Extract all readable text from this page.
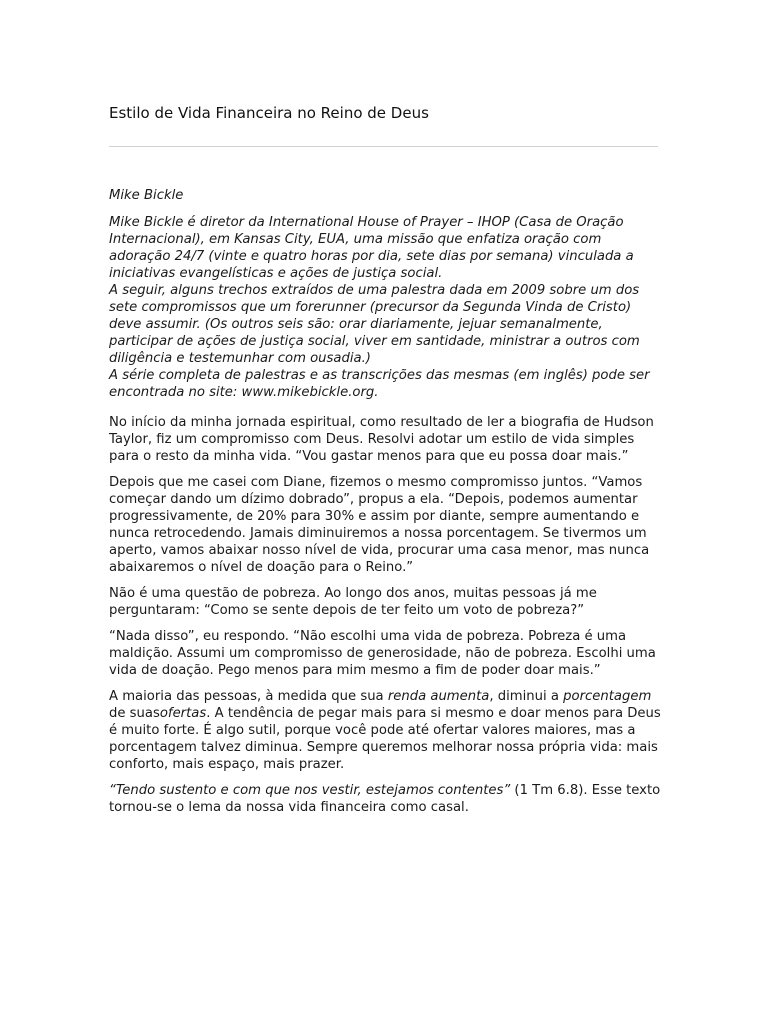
Estilo de Vida Financeira no Reino de Deus

Mike Bickle

Mike Bickle é diretor da International House of Prayer – IHOP (Casa de Oração Internacional), em Kansas City, EUA, uma missão que enfatiza oração com adoração 24/7 (vinte e quatro horas por dia, sete dias por semana) vinculada a iniciativas evangelísticas e ações de justiça social.
A seguir, alguns trechos extraídos de uma palestra dada em 2009 sobre um dos sete compromissos que um forerunner (precursor da Segunda Vinda de Cristo) deve assumir. (Os outros seis são: orar diariamente, jejuar semanalmente, participar de ações de justiça social, viver em santidade, ministrar a outros com diligência e testemunhar com ousadia.)
A série completa de palestras e as transcrições das mesmas (em inglês) pode ser encontrada no site: www.mikebickle.org.

No início da minha jornada espiritual, como resultado de ler a biografia de Hudson Taylor, fiz um compromisso com Deus. Resolvi adotar um estilo de vida simples para o resto da minha vida. “Vou gastar menos para que eu possa doar mais.”

Depois que me casei com Diane, fizemos o mesmo compromisso juntos. “Vamos começar dando um dízimo dobrado”, propus a ela. “Depois, podemos aumentar progressivamente, de 20% para 30% e assim por diante, sempre aumentando e nunca retrocedendo. Jamais diminuiremos a nossa porcentagem. Se tivermos um aperto, vamos abaixar nosso nível de vida, procurar uma casa menor, mas nunca abaixaremos o nível de doação para o Reino.”

Não é uma questão de pobreza. Ao longo dos anos, muitas pessoas já me perguntaram: “Como se sente depois de ter feito um voto de pobreza?”

“Nada disso”, eu respondo. “Não escolhi uma vida de pobreza. Pobreza é uma maldição. Assumi um compromisso de generosidade, não de pobreza. Escolhi uma vida de doação. Pego menos para mim mesmo a fim de poder doar mais.”

A maioria das pessoas, à medida que sua renda aumenta, diminui a porcentagem de suasofertas. A tendência de pegar mais para si mesmo e doar menos para Deus é muito forte. É algo sutil, porque você pode até ofertar valores maiores, mas a porcentagem talvez diminua. Sempre queremos melhorar nossa própria vida: mais conforto, mais espaço, mais prazer.

“Tendo sustento e com que nos vestir, estejamos contentes” (1 Tm 6.8). Esse texto tornou-se o lema da nossa vida financeira como casal.
